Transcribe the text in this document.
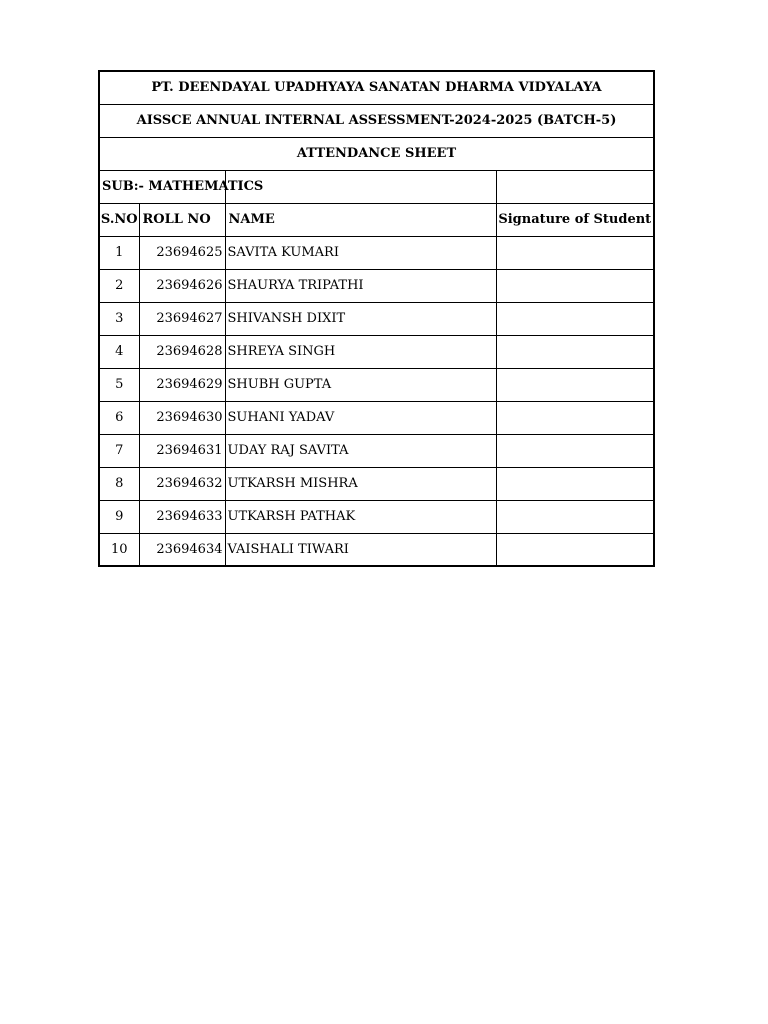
PT. DEENDAYAL UPADHYAYA SANATAN DHARMA VIDYALAYA			
AISSCE ANNUAL INTERNAL ASSESSMENT-2024-2025 (BATCH-5)			
ATTENDANCE SHEET			
SUB:- MATHEMATICS			
S.NO	ROLL NO	NAME	Signature of Student
1	23694625	SAVITA KUMARI	
2	23694626	SHAURYA TRIPATHI	
3	23694627	SHIVANSH DIXIT	
4	23694628	SHREYA SINGH	
5	23694629	SHUBH GUPTA	
6	23694630	SUHANI YADAV	
7	23694631	UDAY RAJ SAVITA	
8	23694632	UTKARSH MISHRA	
9	23694633	UTKARSH PATHAK	
10	23694634	VAISHALI TIWARI	
